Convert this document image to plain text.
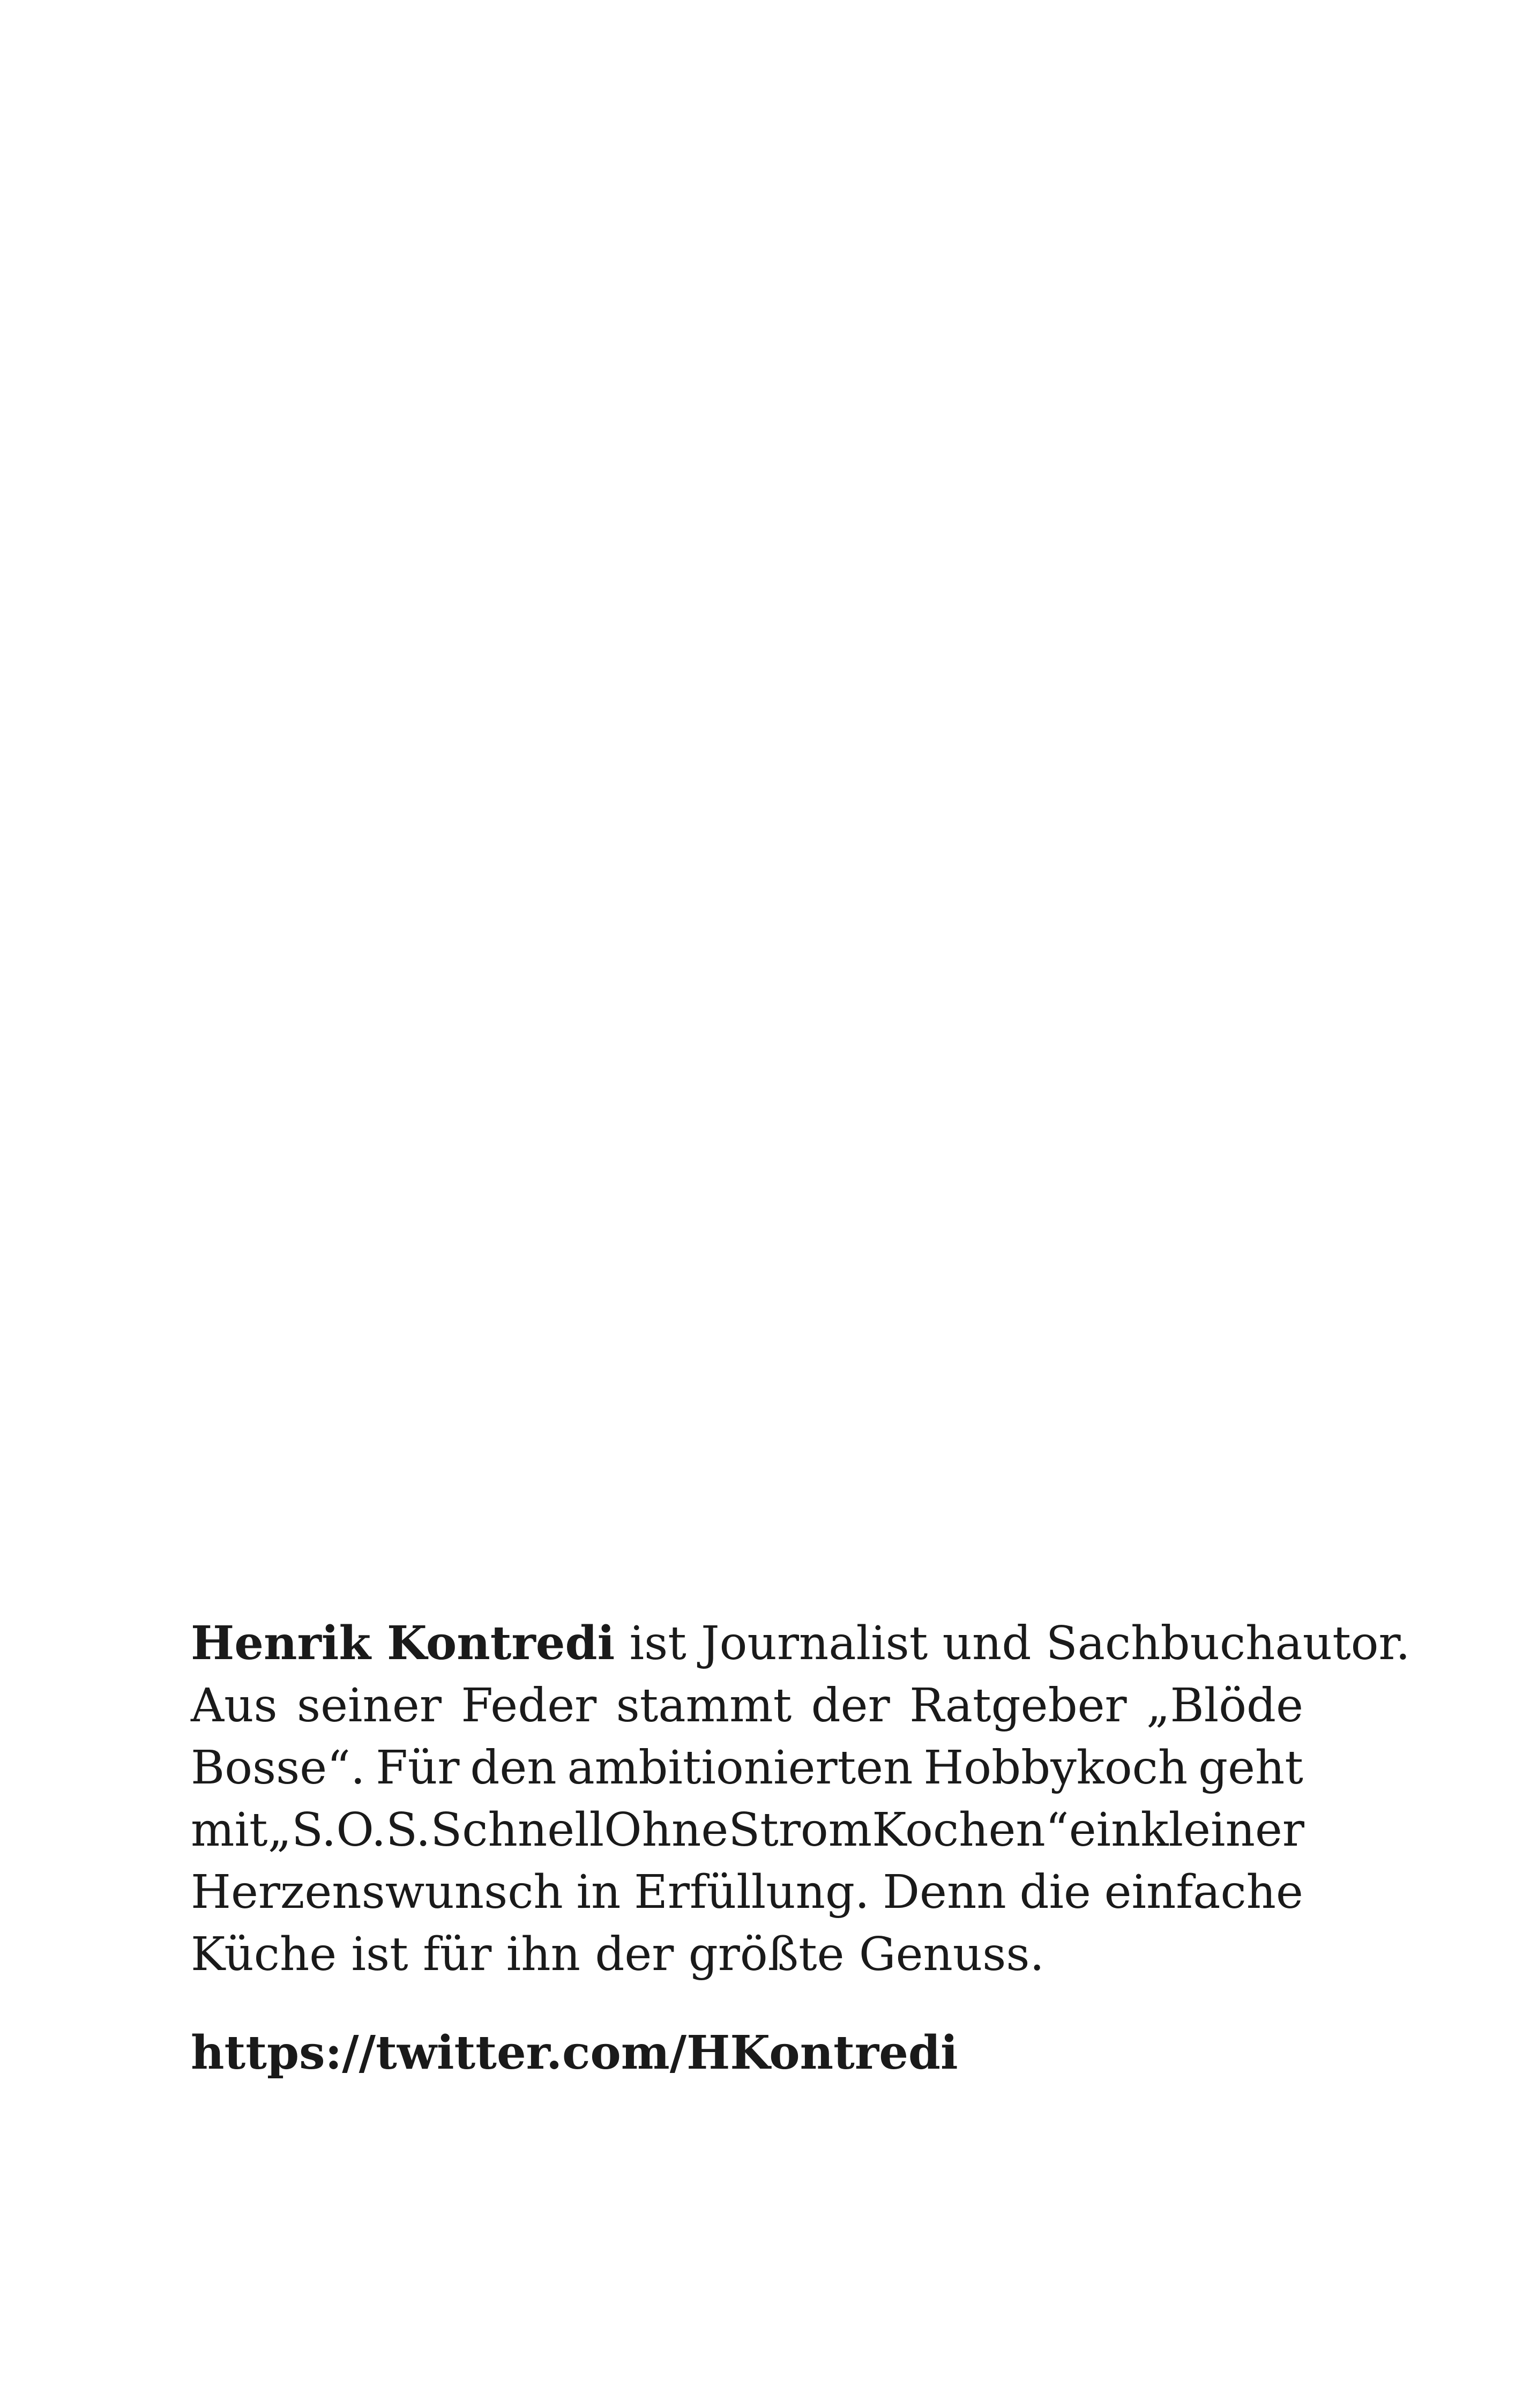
Henrik Kontredi ist Journalist und Sachbuchautor.
Aus seiner Feder stammt der Ratgeber „Blöde
Bosse“. Für den ambitionierten Hobbykoch geht
mit „S.O.S. Schnell Ohne Strom Kochen“ ein kleiner
Herzenswunsch in Erfüllung. Denn die einfache
Küche ist für ihn der größte Genuss.
https://twitter.com/HKontredi
